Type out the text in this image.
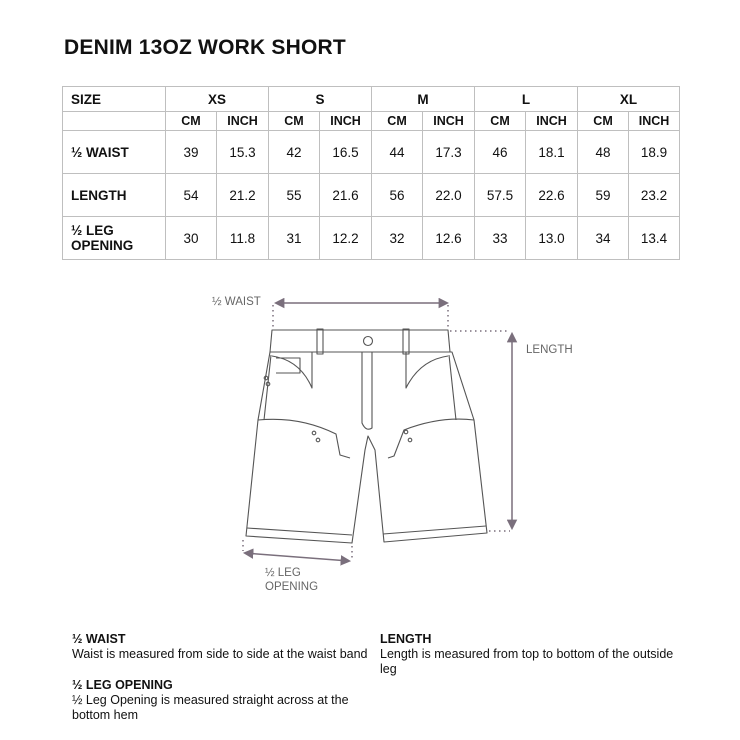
DENIM 13OZ WORK SHORT
SIZE	XS		S		M		L		XL	
	CM	INCH	CM	INCH	CM	INCH	CM	INCH	CM	INCH
½ WAIST	39	15.3	42	16.5	44	17.3	46	18.1	48	18.9
LENGTH	54	21.2	55	21.6	56	22.0	57.5	22.6	59	23.2

½ LEG
OPENING	30	11.8	31	12.2	32	12.6	33	13.0	34	13.4
½ WAIST
LENGTH
½ LEG
OPENING
½ WAIST
Waist is measured from side to side at the waist band
LENGTH
Length is measured from top to bottom of the outside
leg
½ LEG OPENING
½ Leg Opening is measured straight across at the
bottom hem
